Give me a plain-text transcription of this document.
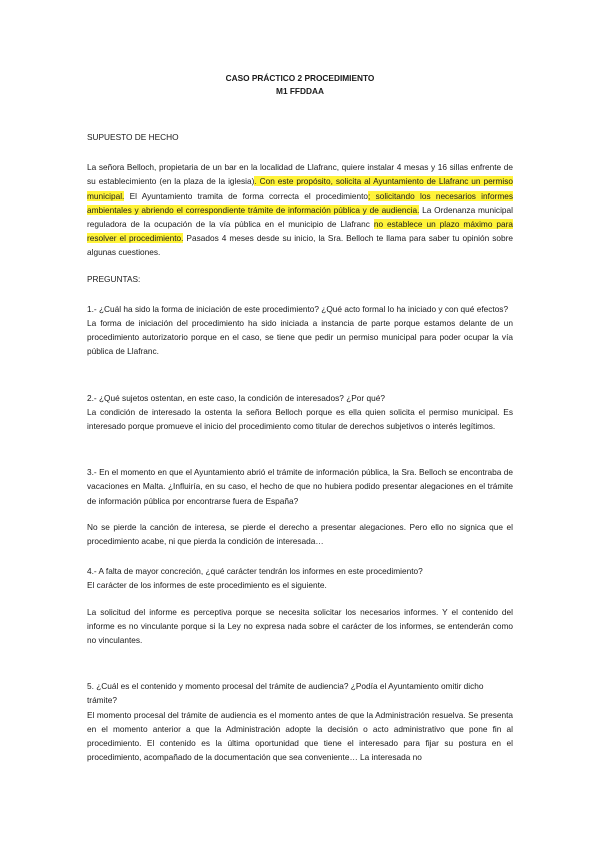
CASO PRÁCTICO 2 PROCEDIMIENTO
M1 FFDDAA

SUPUESTO DE HECHO

La señora Belloch, propietaria de un bar en la localidad de Llafranc, quiere instalar 4 mesas y 16 sillas enfrente de su establecimiento (en la plaza de la iglesia). Con este propósito, solicita al Ayuntamiento de Llafranc un permiso municipal. El Ayuntamiento tramita de forma correcta el procedimiento; solicitando los necesarios informes ambientales y abriendo el correspondiente trámite de información pública y de audiencia. La Ordenanza municipal reguladora de la ocupación de la vía pública en el municipio de Llafranc no establece un plazo máximo para resolver el procedimiento. Pasados 4 meses desde su inicio, la Sra. Belloch te llama para saber tu opinión sobre algunas cuestiones.

PREGUNTAS:

1.- ¿Cuál ha sido la forma de iniciación de este procedimiento? ¿Qué acto formal lo ha iniciado y con qué efectos?

La forma de iniciación del procedimiento ha sido iniciada a instancia de parte porque estamos delante de un procedimiento autorizatorio porque en el caso, se tiene que pedir un permiso municipal para poder ocupar la vía pública de Llafranc.

2.- ¿Qué sujetos ostentan, en este caso, la condición de interesados? ¿Por qué?

La condición de interesado la ostenta la señora Belloch porque es ella quien solicita el permiso municipal. Es interesado porque promueve el inicio del procedimiento como titular de derechos subjetivos o interés legítimos.

3.- En el momento en que el Ayuntamiento abrió el trámite de información pública, la Sra. Belloch se encontraba de vacaciones en Malta. ¿Influiría, en su caso, el hecho de que no hubiera podido presentar alegaciones en el trámite de información pública por encontrarse fuera de España?

No se pierde la canción de interesa, se pierde el derecho a presentar alegaciones. Pero ello no signica que el procedimiento acabe, ni que pierda la condición de interesada…

4.- A falta de mayor concreción, ¿qué carácter tendrán los informes en este procedimiento?

El carácter de los informes de este procedimiento es el siguiente.

La solicitud del informe es perceptiva porque se necesita solicitar los necesarios informes. Y el contenido del informe es no vinculante porque si la Ley no expresa nada sobre el carácter de los informes, se entenderán como no vinculantes.

5. ¿Cuál es el contenido y momento procesal del trámite de audiencia? ¿Podía el Ayuntamiento omitir dicho trámite?

El momento procesal del trámite de audiencia es el momento antes de que la Administración resuelva. Se presenta en el momento anterior a que la Administración adopte la decisión o acto administrativo que pone fin al procedimiento. El contenido es la última oportunidad que tiene el interesado para fijar su postura en el procedimiento, acompañado de la documentación que sea conveniente… La interesada no
